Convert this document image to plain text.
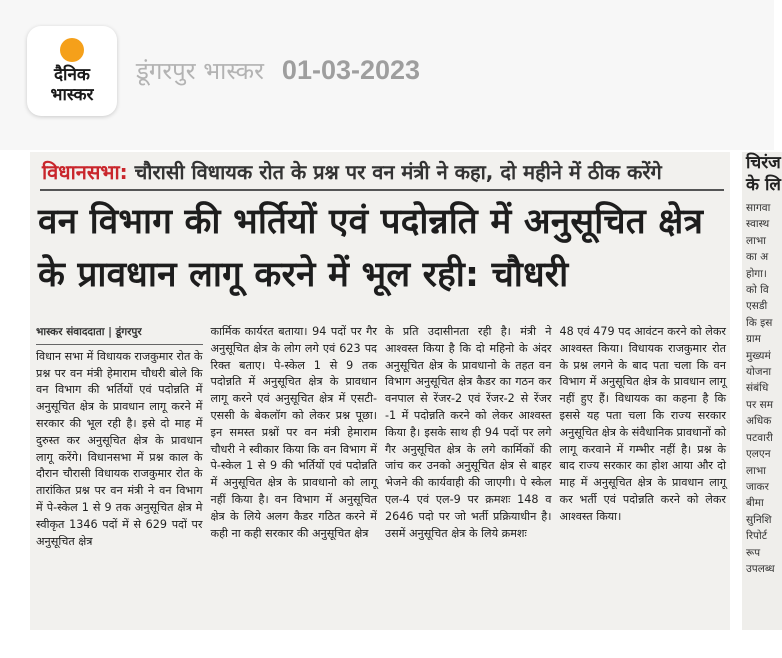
दैनिक
भास्कर
डूंगरपुर भास्कर 01-03-2023
विधानसभा: चौरासी विधायक रोत के प्रश्न पर वन मंत्री ने कहा, दो महीने में ठीक करेंगे
वन विभाग की भर्तियों एवं पदोन्नति में अनुसूचित क्षेत्र के प्रावधान लागू करने में भूल रही: चौधरी
भास्कर संवाददाता | डूंगरपुर

विधान सभा में विधायक राजकुमार रोत के प्रश्न पर वन मंत्री हेमाराम चौधरी बोले कि वन विभाग की भर्तियों एवं पदोन्नति में अनुसूचित क्षेत्र के प्रावधान लागू करने में सरकार की भूल रही है। इसे दो माह में दुरुस्त कर अनुसूचित क्षेत्र के प्रावधान लागू करेंगे। विधानसभा में प्रश्न काल के दौरान चौरासी विधायक राजकुमार रोत के तारांकित प्रश्न पर वन मंत्री ने वन विभाग में पे-स्केल 1 से 9 तक अनुसूचित क्षेत्र मे स्वीकृत 1346 पदों में से 629 पदों पर अनुसूचित क्षेत्र

कार्मिक कार्यरत बताया। 94 पदों पर गैर अनुसूचित क्षेत्र के लोग लगे एवं 623 पद रिक्त बताए। पे-स्केल 1 से 9 तक पदोन्नति में अनुसूचित क्षेत्र के प्रावधान लागू करने एवं अनुसूचित क्षेत्र में एसटी-एससी के बेकलॉग को लेकर प्रश्न पूछा। इन समस्त प्रश्नों पर वन मंत्री हेमाराम चौधरी ने स्वीकार किया कि वन विभाग में पे-स्केल 1 से 9 की भर्तियों एवं पदोन्नति में अनुसूचित क्षेत्र के प्रावधानो को लागू नहीं किया है। वन विभाग में अनुसूचित क्षेत्र के लिये अलग कैडर गठित करने में कही ना कही सरकार की अनुसूचित क्षेत्र

के प्रति उदासीनता रही है। मंत्री ने आश्वस्त किया है कि दो महिनो के अंदर अनुसूचित क्षेत्र के प्रावधानो के तहत वन विभाग अनुसूचित क्षेत्र कैडर का गठन कर वनपाल से रेंजर-2 एवं रेंजर-2 से रेंजर -1 में पदोन्नति करने को लेकर आश्वस्त किया है। इसके साथ ही 94 पदों पर लगे गैर अनुसूचित क्षेत्र के लगे कार्मिकों की जांच कर उनको अनुसूचित क्षेत्र से बाहर भेजने की कार्यवाही की जाएगी। पे स्केल एल-4 एवं एल-9 पर क्रमशः 148 व 2646 पदो पर जो भर्ती प्रक्रियाधीन है। उसमें अनुसूचित क्षेत्र के लिये क्रमशः

48 एवं 479 पद आवंटन करने को लेकर आश्वस्त किया। विधायक राजकुमार रोत के प्रश्न लगने के बाद पता चला कि वन विभाग में अनुसूचित क्षेत्र के प्रावधान लागू नहीं हुए हैं। विधायक का कहना है कि इससे यह पता चला कि राज्य सरकार अनुसूचित क्षेत्र के संवैधानिक प्रावधानों को लागू करवाने में गम्भीर नहीं है। प्रश्न के बाद राज्य सरकार का होश आया और दो माह में अनुसूचित क्षेत्र के प्रावधान लागू कर भर्ती एवं पदोन्नति करने को लेकर आश्वस्त किया।

चिरंज
के लि
सागवा
स्वास्थ
लाभा
का अ
होगा।
को वि
एसडी
कि इस
ग्राम
मुख्यमं
योजना
संबंधि
पर सम
अधिक
पटवारी
एलएन
लाभा
जाकर
बीमा
सुनिशि
रिपोर्ट
रूप
उपलब्ध
